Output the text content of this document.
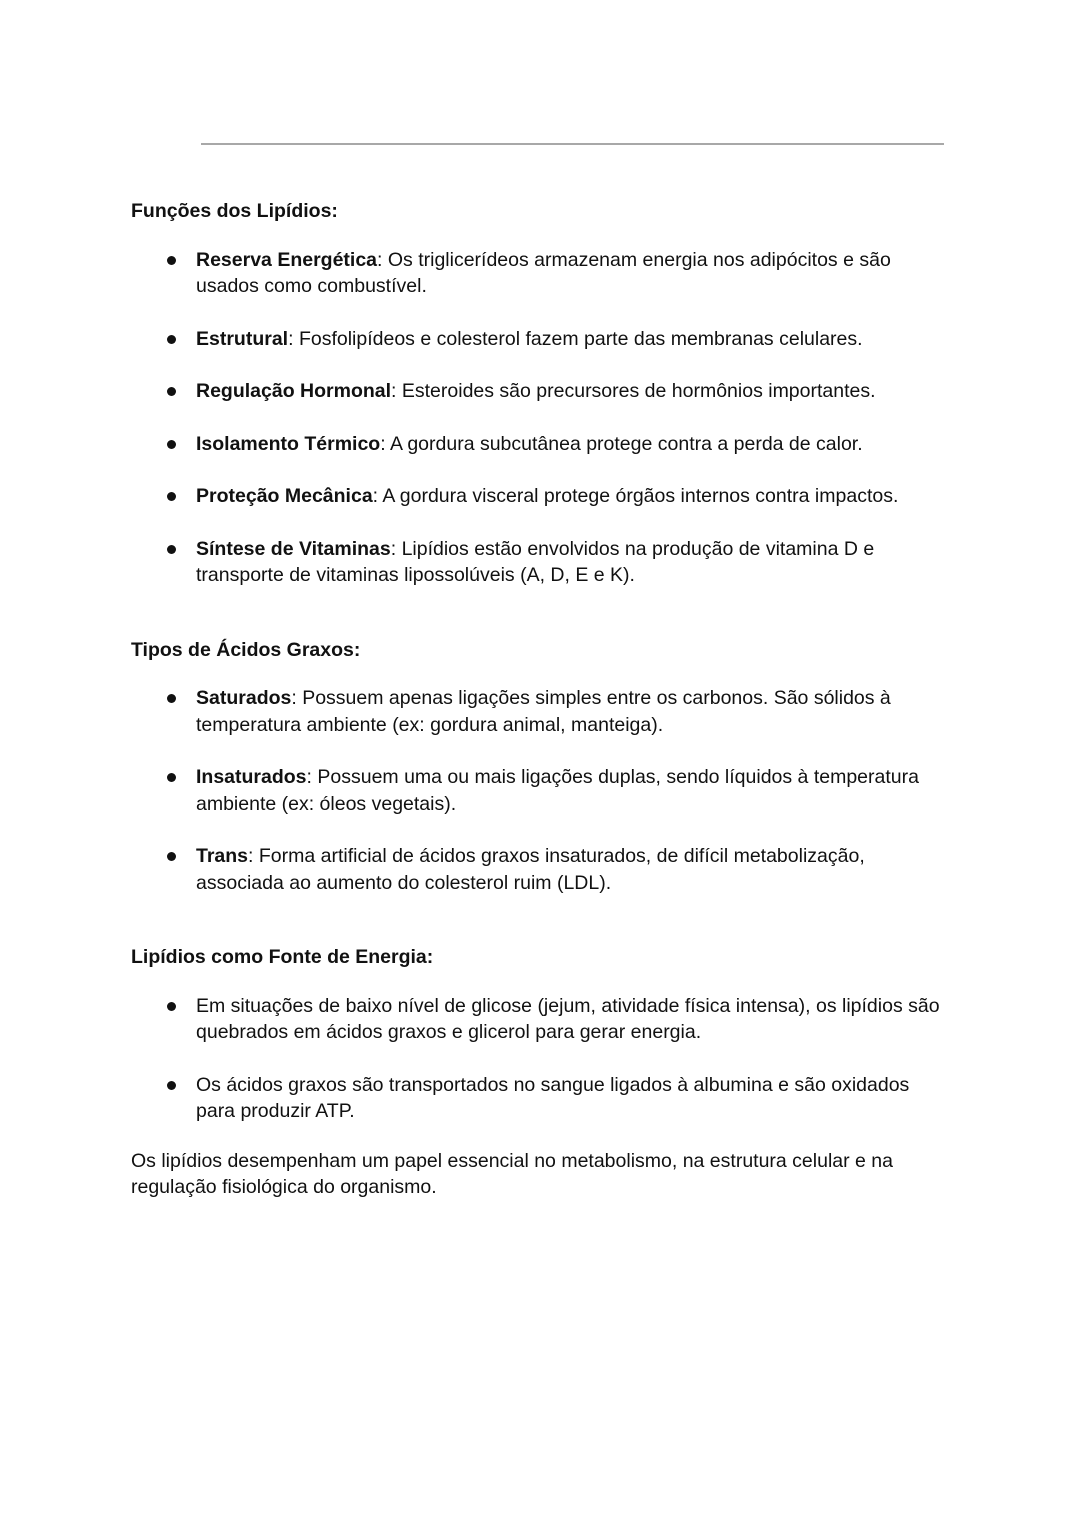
Funções dos Lipídios:

Reserva Energética: Os triglicerídeos armazenam energia nos adipócitos e são usados como combustível.
Estrutural: Fosfolipídeos e colesterol fazem parte das membranas celulares.
Regulação Hormonal: Esteroides são precursores de hormônios importantes.
Isolamento Térmico: A gordura subcutânea protege contra a perda de calor.
Proteção Mecânica: A gordura visceral protege órgãos internos contra impactos.
Síntese de Vitaminas: Lipídios estão envolvidos na produção de vitamina D e transporte de vitaminas lipossolúveis (A, D, E e K).

Tipos de Ácidos Graxos:

Saturados: Possuem apenas ligações simples entre os carbonos. São sólidos à temperatura ambiente (ex: gordura animal, manteiga).
Insaturados: Possuem uma ou mais ligações duplas, sendo líquidos à temperatura ambiente (ex: óleos vegetais).
Trans: Forma artificial de ácidos graxos insaturados, de difícil metabolização, associada ao aumento do colesterol ruim (LDL).

Lipídios como Fonte de Energia:

Em situações de baixo nível de glicose (jejum, atividade física intensa), os lipídios são quebrados em ácidos graxos e glicerol para gerar energia.
Os ácidos graxos são transportados no sangue ligados à albumina e são oxidados para produzir ATP.

Os lipídios desempenham um papel essencial no metabolismo, na estrutura celular e na regulação fisiológica do organismo.
